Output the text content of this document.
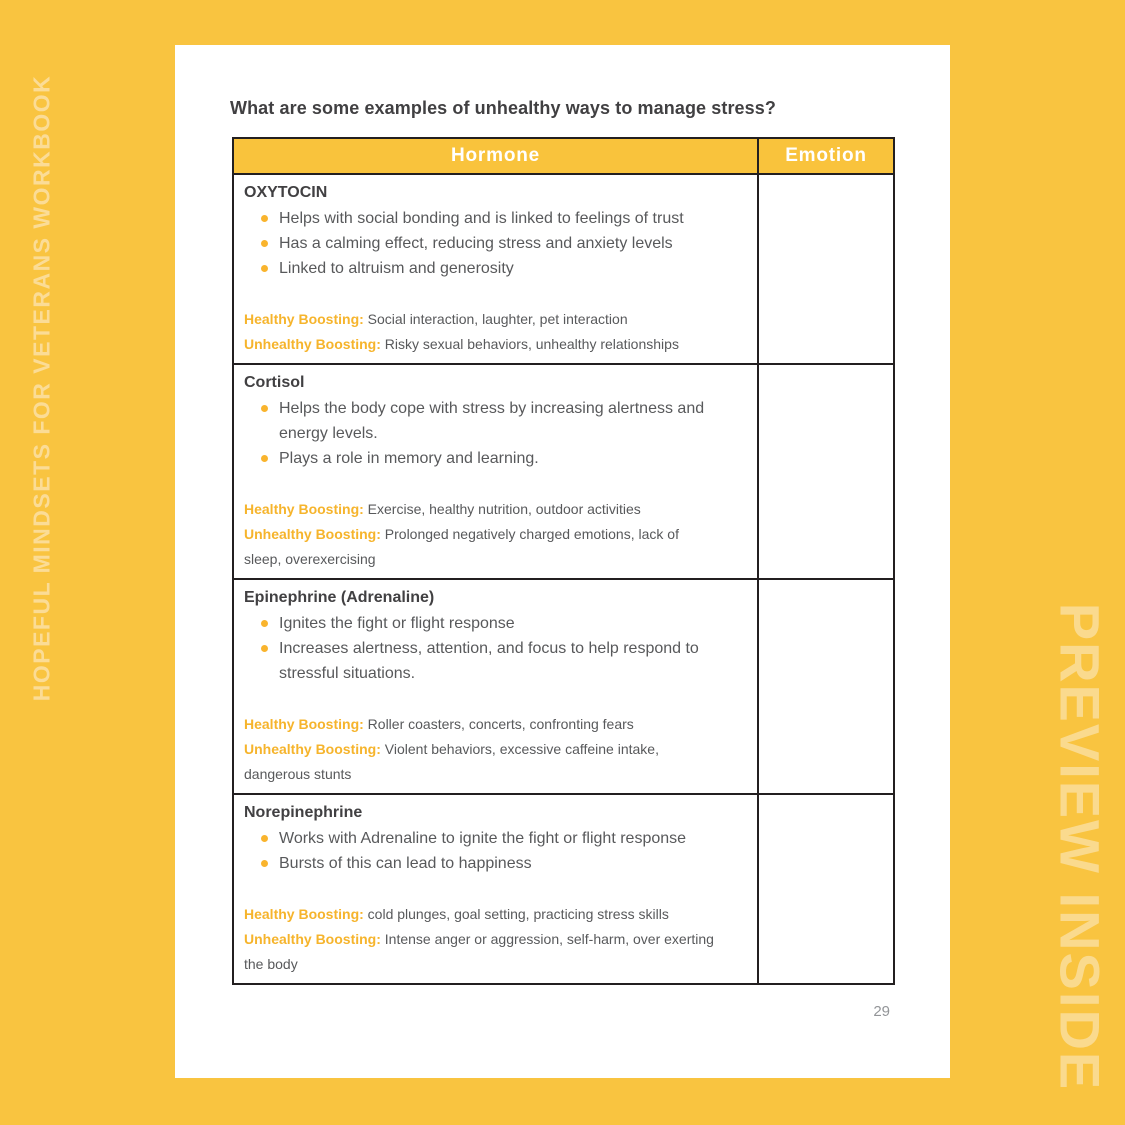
HOPEFUL MINDSETS FOR VETERANS WORKBOOK
PREVIEW INSIDE
What are some examples of unhealthy ways to manage stress?
Hormone	Emotion

OXYTOCIN
Helps with social bonding and is linked to feelings of trust
Has a calming effect, reducing stress and anxiety levels
Linked to altruism and generosity

Healthy Boosting: Social interaction, laughter, pet interaction

Unhealthy Boosting: Risky sexual behaviors, unhealthy relationships

Cortisol
Helps the body cope with stress by increasing alertness and energy levels.
Plays a role in memory and learning.

Healthy Boosting: Exercise, healthy nutrition, outdoor activities

Unhealthy Boosting: Prolonged negatively charged emotions, lack of sleep, overexercising

Epinephrine (Adrenaline)
Ignites the fight or flight response
Increases alertness, attention, and focus to help respond to stressful situations.

Healthy Boosting: Roller coasters, concerts, confronting fears

Unhealthy Boosting: Violent behaviors, excessive caffeine intake, dangerous stunts

Norepinephrine
Works with Adrenaline to ignite the fight or flight response
Bursts of this can lead to happiness

Healthy Boosting: cold plunges, goal setting, practicing stress skills

Unhealthy Boosting: Intense anger or aggression, self-harm, over exerting the body

29
